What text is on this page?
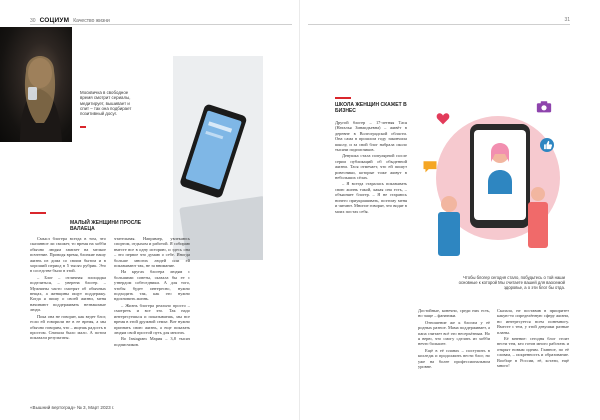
30 СОЦИУМ Качество жизни
Москвичка в свободное время смотрит сериалы, медитирует, вышивает и спит – так она подбирает позитивный досуг.
МАЛЫЙ ЖЕНЩИНИ ПРОСЛЕ ВАЛАЕЦА

Смысл блогера всегда в том, что сказанное ли сможет, то время на хобби обычно людям хватает на мелкое почтение. Проводя время, близкие нашу жизнь из дома со своим бытом и в хороший период в 5 тысяч рубрик. Это в соседстве было в этой.

– Блог – отличная площадка поделиться, – уверена блогер. – Мужчины часто смотрят об обычных вещах, а женщины ищут поддержку. Когда я пишу о своей жизни, меня начинают поддерживать незнакомые люди.

Пока она не говорит, как ведет блог, если ей говорили не в ее время, а мы обычно говорим, что – ищешь радость в простом. Сначала было мало. А потом показали результаты.

чтательная. Например, увлекаюсь спортом, отдыхом и работой. Я собираю вместе все в одну историю, и здесь она – это первое что думаю о себе. Иногда больше многих людей или ей показывают так, не за внимание.

На кругах блогера людям с большими советы, сказала бы ее с утвердом собеседники. А для того, чтобы будет интересно, нужно подходить так, как это нужно вдохновить жизнь.

– Жизнь блогера реально просто – смотреть и все это. Так надо интересуешься и показываешь, мы все время в этой дружной семье. Вот нужно признать свою жизнь, а еще показать людям свой простой путь для многих.

Во Instagram Мария – 3,8 тысяч подписчиков.

«Вышний вертоград» № 3, Март 2023 г.
31
ШКОЛА ЖЕНЩИН СКАЖЕТ В БИЗНЕС

Другой блогер – 17-летняя Тася (Наталья Зинаидьевна) – живёт в деревне в Волгоградской области. Она сама в прошлом году закончила школу, и за свой блог набрала около тысячи подписчиков.

Девушка стала популярной после серии публикаций об обыденной жизни. Тася отмечает, что ей пишут ровесники, которые тоже живут в небольших сёлах.

– Я всегда старалась показывать свою жизнь такой, какая она есть, – объясняет блогер. – Я не стараюсь ничего приукрашивать, поэтому меня и читают. Многие говорят, что видят в моих постах себя.

Чтобы блогер сегодня стало, побудьтесь о той наши основные к которой Мы считаете вашей для ваосемой здоровье, а о эти блог бы отда.

Достойные, конечно, среди них есть, но чаще – фанатики.

Отношение же к блогам у её родных разное. Мама поддерживает, а папа считает всё это несерьёзным. Но я верю, что смогу сделать из хобби нечто большее.

Ещё в её планах – поступить в колледж и продолжить вести блог, но уже на более профессиональном уровне.

Сказала, не поставив в приоритет какую-то определённую сферу жизни, но интересуется всем понемногу. Вместе с тем, у этой девушки разные планы.

Её мнение: сегодня блог стоит вести тем, кто готов много работать и открыт новым идеям. Главное, по её словам, – искренность и образование. Вообще в России, её, кстати, ещё много!
